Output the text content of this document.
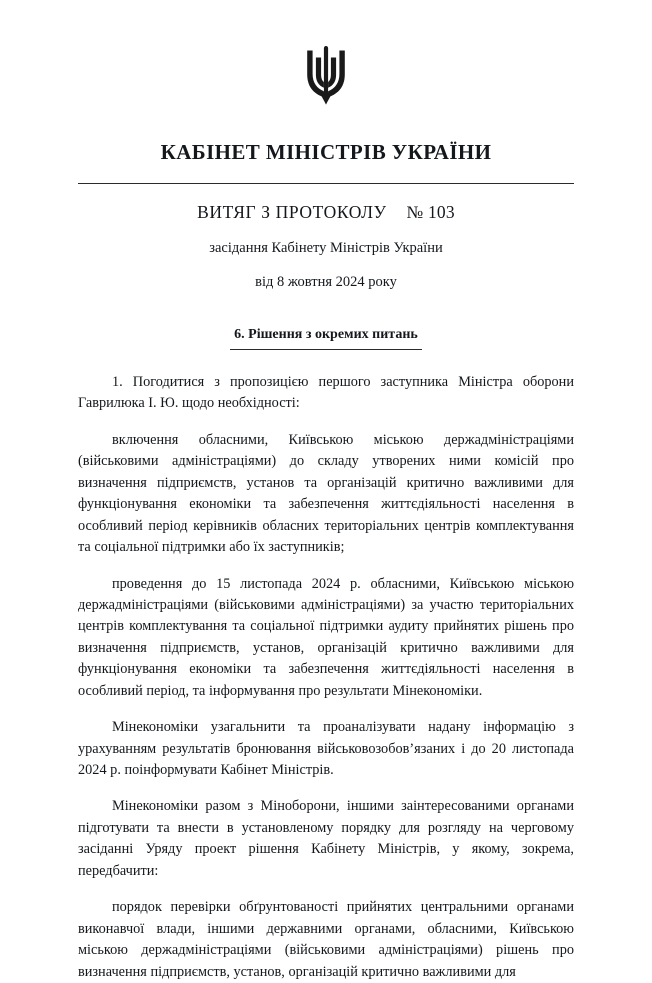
КАБІНЕТ МІНІСТРІВ УКРАЇНИ
ВИТЯГ З ПРОТОКОЛУ № 103
засідання Кабінету Міністрів України
від 8 жовтня 2024 року
6. Рішення з окремих питань

1. Погодитися з пропозицією першого заступника Міністра оборони Гаврилюка І. Ю. щодо необхідності:

включення обласними, Київською міською держадміністраціями (військовими адміністраціями) до складу утворених ними комісій про визначення підприємств, установ та організацій критично важливими для функціонування економіки та забезпечення життєдіяльності населення в особливий період керівників обласних територіальних центрів комплектування та соціальної підтримки або їх заступників;

проведення до 15 листопада 2024 р. обласними, Київською міською держадміністраціями (військовими адміністраціями) за участю територіальних центрів комплектування та соціальної підтримки аудиту прийнятих рішень про визначення підприємств, установ, організацій критично важливими для функціонування економіки та забезпечення життєдіяльності населення в особливий період, та інформування про результати Мінекономіки.

Мінекономіки узагальнити та проаналізувати надану інформацію з урахуванням результатів бронювання військовозобов’язаних і до 20 листопада 2024 р. поінформувати Кабінет Міністрів.

Мінекономіки разом з Міноборони, іншими заінтересованими органами підготувати та внести в установленому порядку для розгляду на черговому засіданні Уряду проект рішення Кабінету Міністрів, у якому, зокрема, передбачити:

порядок перевірки обґрунтованості прийнятих центральними органами виконавчої влади, іншими державними органами, обласними, Київською міською держадміністраціями (військовими адміністраціями) рішень про визначення підприємств, установ, організацій критично важливими для
